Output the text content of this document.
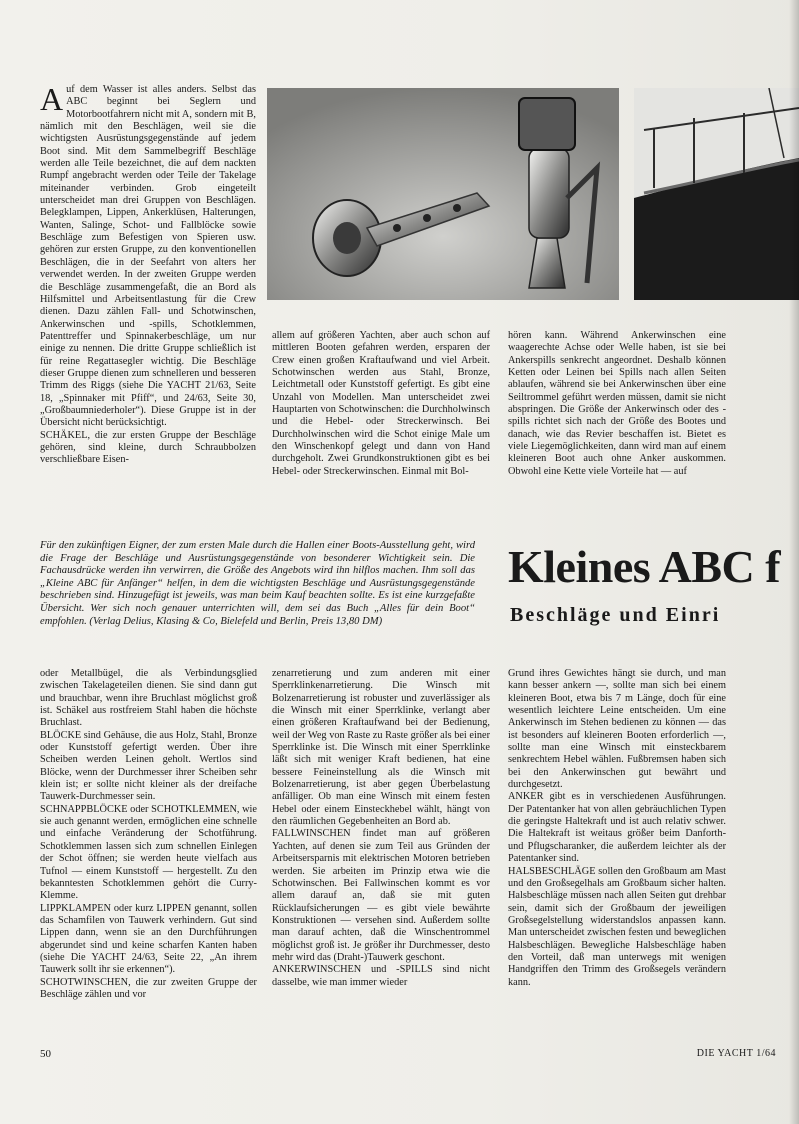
Auf dem Wasser ist alles anders. Selbst das ABC beginnt bei Seglern und Motorbootfahrern nicht mit A, sondern mit B, nämlich mit den Beschlägen, weil sie die wichtigsten Ausrüstungsgegenstände auf jedem Boot sind. Mit dem Sammelbegriff Beschläge werden alle Teile bezeichnet, die auf dem nackten Rumpf angebracht werden oder Teile der Takelage miteinander verbinden. Grob eingeteilt unterscheidet man drei Gruppen von Beschlägen. Belegklampen, Lippen, Ankerklüsen, Halterungen, Wanten, Salinge, Schot- und Fallblöcke sowie Beschläge zum Befestigen von Spieren usw. gehören zur ersten Gruppe, zu den konventionellen Beschlägen, die in der Seefahrt von alters her verwendet werden. In der zweiten Gruppe werden die Beschläge zusammengefaßt, die an Bord als Hilfsmittel und Arbeitsentlastung für die Crew dienen. Dazu zählen Fall- und Schotwinschen, Ankerwinschen und -spills, Schotklemmen, Patenttreffer und Spinnakerbeschläge, um nur einige zu nennen. Die dritte Gruppe schließlich ist für reine Regattasegler wichtig. Die Beschläge dieser Gruppe dienen zum schnelleren und besseren Trimm des Riggs (siehe Die YACHT 21/63, Seite 18, „Spinnaker mit Pfiff“, und 24/63, Seite 30, „Großbaumniederholer“). Diese Gruppe ist in der Übersicht nicht berücksichtigt.
SCHÄKEL, die zur ersten Gruppe der Beschläge gehören, sind kleine, durch Schraubbolzen verschließbare Eisen-

allem auf größeren Yachten, aber auch schon auf mittleren Booten gefahren werden, ersparen der Crew einen großen Kraftaufwand und viel Arbeit. Schotwinschen werden aus Stahl, Bronze, Leichtmetall oder Kunststoff gefertigt. Es gibt eine Unzahl von Modellen. Man unterscheidet zwei Hauptarten von Schotwinschen: die Durchholwinsch und die Hebel- oder Streckerwinsch. Bei Durchholwinschen wird die Schot einige Male um den Winschenkopf gelegt und dann von Hand durchgeholt. Zwei Grundkonstruktionen gibt es bei Hebel- oder Streckerwinschen. Einmal mit Bol-

hören kann. Während Ankerwinschen eine waagerechte Achse oder Welle haben, ist sie bei Ankerspills senkrecht angeordnet. Deshalb können Ketten oder Leinen bei Spills nach allen Seiten ablaufen, während sie bei Ankerwinschen über eine Seiltrommel geführt werden müssen, damit sie nicht abspringen. Die Größe der Ankerwinsch oder des -spills richtet sich nach der Größe des Bootes und danach, wie das Revier beschaffen ist. Bietet es viele Liegemöglichkeiten, dann wird man auf einem kleineren Boot auch ohne Anker auskommen. Obwohl eine Kette viele Vorteile hat — auf

Für den zukünftigen Eigner, der zum ersten Male durch die Hallen einer Boots-Ausstellung geht, wird die Frage der Beschläge und Ausrüstungsgegenstände von besonderer Wichtigkeit sein. Die Fachausdrücke werden ihn verwirren, die Größe des Angebots wird ihn hilflos machen. Ihm soll das „Kleine ABC für Anfänger“ helfen, in dem die wichtigsten Beschläge und Ausrüstungsgegenstände beschrieben sind. Hinzugefügt ist jeweils, was man beim Kauf beachten sollte. Es ist eine kurzgefaßte Übersicht. Wer sich noch genauer unterrichten will, dem sei das Buch „Alles für dein Boot“ empfohlen. (Verlag Delius, Klasing & Co, Bielefeld und Berlin, Preis 13,80 DM)

Kleines ABC f
Beschläge und Einri

oder Metallbügel, die als Verbindungsglied zwischen Takelageteilen dienen. Sie sind dann gut und brauchbar, wenn ihre Bruchlast möglichst groß ist. Schäkel aus rostfreiem Stahl haben die höchste Bruchlast.
BLÖCKE sind Gehäuse, die aus Holz, Stahl, Bronze oder Kunststoff gefertigt werden. Über ihre Scheiben werden Leinen geholt. Wertlos sind Blöcke, wenn der Durchmesser ihrer Scheiben sehr klein ist; er sollte nicht kleiner als der dreifache Tauwerk-Durchmesser sein.
SCHNAPPBLÖCKE oder SCHOTKLEMMEN, wie sie auch genannt werden, ermöglichen eine schnelle und einfache Veränderung der Schotführung. Schotklemmen lassen sich zum schnellen Einlegen der Schot öffnen; sie werden heute vielfach aus Tufnol — einem Kunststoff — hergestellt. Zu den bekanntesten Schotklemmen gehört die Curry-Klemme.
LIPPKLAMPEN oder kurz LIPPEN genannt, sollen das Schamfilen von Tauwerk verhindern. Gut sind Lippen dann, wenn sie an den Durchführungen abgerundet sind und keine scharfen Kanten haben (siehe Die YACHT 24/63, Seite 22, „An ihrem Tauwerk sollt ihr sie erkennen“).
SCHOTWINSCHEN, die zur zweiten Gruppe der Beschläge zählen und vor

zenarretierung und zum anderen mit einer Sperrklinkenarretierung. Die Winsch mit Bolzenarretierung ist robuster und zuverlässiger als die Winsch mit einer Sperrklinke, verlangt aber einen größeren Kraftaufwand bei der Bedienung, weil der Weg von Raste zu Raste größer als bei einer Sperrklinke ist. Die Winsch mit einer Sperrklinke läßt sich mit weniger Kraft bedienen, hat eine bessere Feineinstellung als die Winsch mit Bolzenarretierung, ist aber gegen Überbelastung anfälliger. Ob man eine Winsch mit einem festen Hebel oder einem Einsteckhebel wählt, hängt von den räumlichen Gegebenheiten an Bord ab.
FALLWINSCHEN findet man auf größeren Yachten, auf denen sie zum Teil aus Gründen der Arbeitsersparnis mit elektrischen Motoren betrieben werden. Sie arbeiten im Prinzip etwa wie die Schotwinschen. Bei Fallwinschen kommt es vor allem darauf an, daß sie mit guten Rücklaufsicherungen — es gibt viele bewährte Konstruktionen — versehen sind. Außerdem sollte man darauf achten, daß die Winschentrommel möglichst groß ist. Je größer ihr Durchmesser, desto mehr wird das (Draht-)Tauwerk geschont.
ANKERWINSCHEN und -SPILLS sind nicht dasselbe, wie man immer wieder

Grund ihres Gewichtes hängt sie durch, und man kann besser ankern —, sollte man sich bei einem kleineren Boot, etwa bis 7 m Länge, doch für eine wesentlich leichtere Leine entscheiden. Um eine Ankerwinsch im Stehen bedienen zu können — das ist besonders auf kleineren Booten erforderlich —, sollte man eine Winsch mit einsteckbarem senkrechtem Hebel wählen. Fußbremsen haben sich bei den Ankerwinschen gut bewährt und durchgesetzt.
ANKER gibt es in verschiedenen Ausführungen. Der Patentanker hat von allen gebräuchlichen Typen die geringste Haltekraft und ist auch relativ schwer. Die Haltekraft ist weitaus größer beim Danforth- und Pflugscharanker, die außerdem leichter als der Patentanker sind.
HALSBESCHLÄGE sollen den Großbaum am Mast und den Großsegelhals am Großbaum sicher halten. Halsbeschläge müssen nach allen Seiten gut drehbar sein, damit sich der Großbaum der jeweiligen Großsegelstellung widerstandslos anpassen kann. Man unterscheidet zwischen festen und beweglichen Halsbeschlägen. Bewegliche Halsbeschläge haben den Vorteil, daß man unterwegs mit wenigen Handgriffen den Trimm des Großsegels verändern kann.

50	DIE YACHT 1/64
